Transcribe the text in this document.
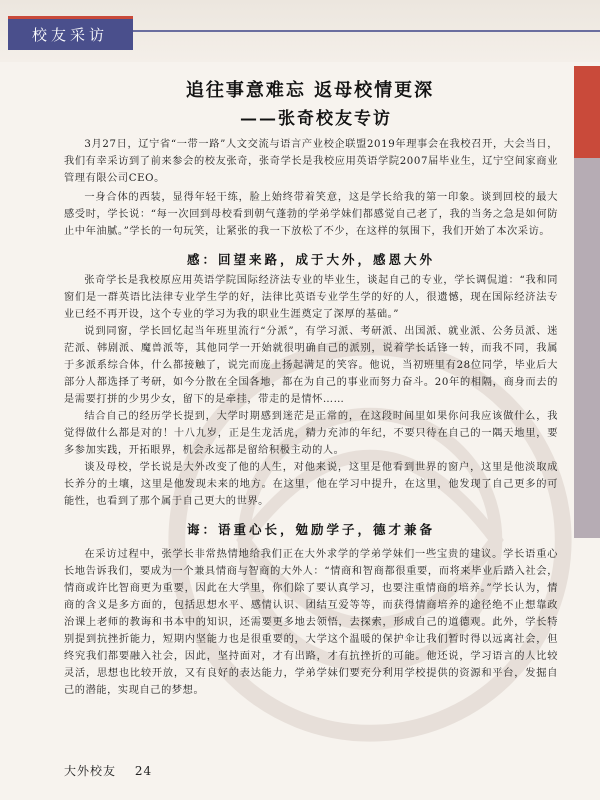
校友采访
追往事意难忘 返母校情更深
——张奇校友专访

3月27日，辽宁省“一带一路”人文交流与语言产业校企联盟2019年理事会在我校召开，大会当日，我们有幸采访到了前来参会的校友张奇，张奇学长是我校应用英语学院2007届毕业生，辽宁空间家商业管理有限公司CEO。

一身合体的西装，显得年轻干练，脸上始终带着笑意，这是学长给我的第一印象。谈到回校的最大感受时，学长说：“每一次回到母校看到朝气蓬勃的学弟学妹们都感觉自己老了，我的当务之急是如何防止中年油腻。”学长的一句玩笑，让紧张的我一下放松了不少，在这样的氛围下，我们开始了本次采访。

感：回望来路，成于大外，感恩大外

张奇学长是我校原应用英语学院国际经济法专业的毕业生，谈起自己的专业，学长调侃道：“我和同窗们是一群英语比法律专业学生学的好，法律比英语专业学生学的好的人，很遗憾，现在国际经济法专业已经不再开设，这个专业的学习为我的职业生涯奠定了深厚的基础。”

说到同窗，学长回忆起当年班里流行“分派”，有学习派、考研派、出国派、就业派、公务员派、迷茫派、韩剧派、魔兽派等，其他同学一开始就很明确自己的派别，说着学长话锋一转，而我不同，我属于多派系综合体，什么都接触了，说完而庞上扬起满足的笑容。他说，当初班里有28位同学，毕业后大部分人都选择了考研，如今分散在全国各地，都在为自己的事业而努力奋斗。20年的相隔，商身而去的是需要打拼的少男少女，留下的是牵挂，带走的是情怀……

结合自己的经历学长提到，大学时期感到迷茫是正常的，在这段时间里如果你问我应该做什么，我觉得做什么都是对的！十八九岁，正是生龙活虎，精力充沛的年纪，不要只待在自己的一隅天地里，要多参加实践，开拓眼界，机会永远都是留给积极主动的人。

谈及母校，学长说是大外改变了他的人生，对他来说，这里是他看到世界的窗户，这里是他淡取成长养分的土壤，这里是他发现未来的地方。在这里，他在学习中提升，在这里，他发现了自己更多的可能性，也看到了那个属于自己更大的世界。

诲：语重心长，勉励学子，德才兼备

在采访过程中，张学长非常热情地给我们正在大外求学的学弟学妹们一些宝贵的建议。学长语重心长地告诉我们，要成为一个兼具情商与智商的大外人：“情商和智商都很重要，而将来毕业后踏入社会，情商或许比智商更为重要，因此在大学里，你们除了要认真学习，也要注重情商的培养。”学长认为，情商的含义是多方面的，包括思想水平、感情认识、团结互爱等等，而获得情商培养的途径绝不止想靠政治课上老师的教诲和书本中的知识，还需要更多地去领悟，去探索，形成自己的道德观。此外，学长特别提到抗挫折能力，短期内坚能力也是很重要的，大学这个温暖的保护伞让我们暂时得以远离社会，但终究我们都要融入社会，因此，坚持面对，才有出路，才有抗挫折的可能。他还说，学习语言的人比较灵活，思想也比较开放，又有良好的表达能力，学弟学妹们要充分利用学校提供的资源和平台，发掘自己的潜能，实现自己的梦想。

大外校友 24
